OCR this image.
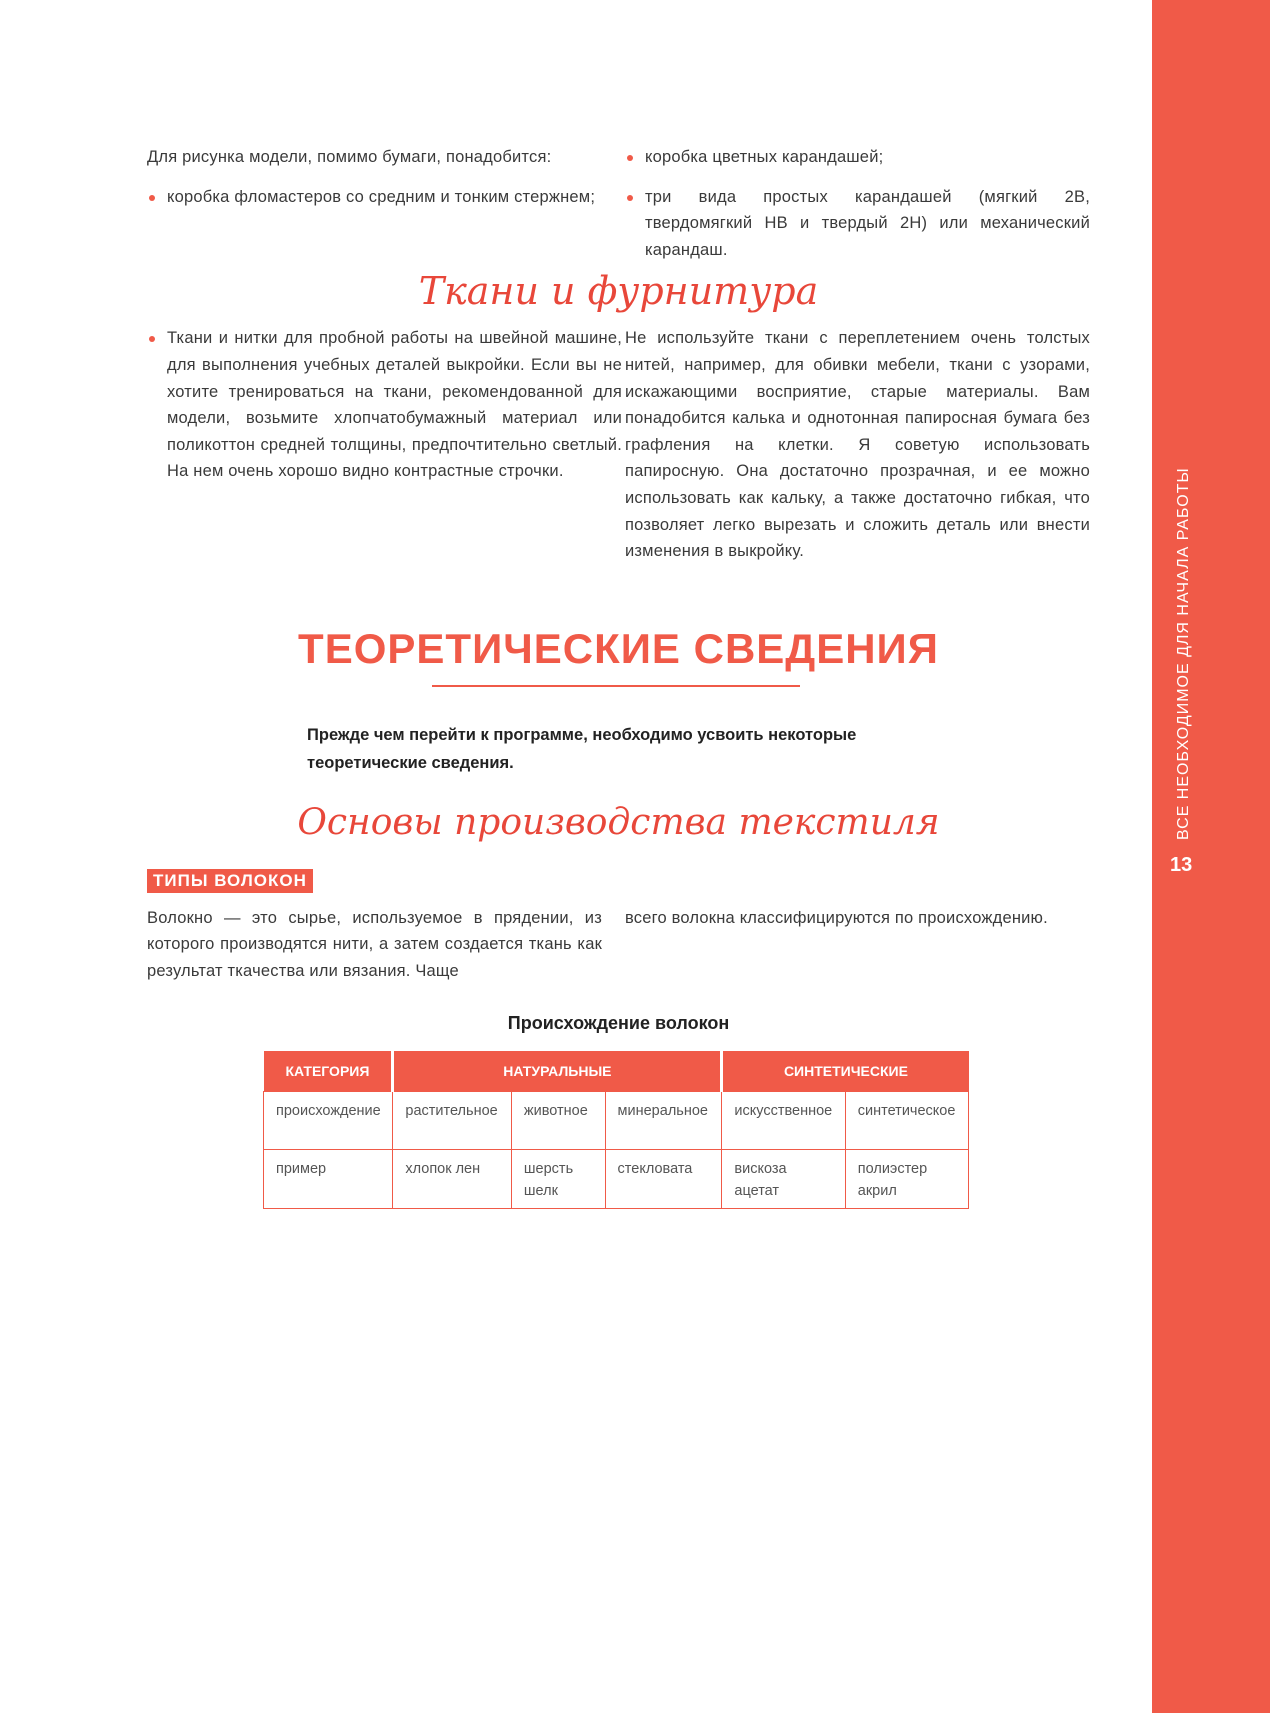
ВСЕ НЕОБХОДИМОЕ ДЛЯ НАЧАЛА РАБОТЫ
13
Для рисунка модели, помимо бумаги, понадобится:
коробка фломастеров со средним и тонким стержнем;
коробка цветных карандашей;
три вида простых карандашей (мягкий 2B, твердомягкий HB и твердый 2H) или механический карандаш.
Ткани и фурнитура
Ткани и нитки для пробной работы на швейной машине, для выполнения учебных деталей выкройки. Если вы не хотите тренироваться на ткани, рекомендованной для модели, возьмите хлопчатобумажный материал или поликоттон средней толщины, предпочтительно светлый. На нем очень хорошо видно контрастные строчки.
Не используйте ткани с переплетением очень толстых нитей, например, для обивки мебели, ткани с узорами, искажающими восприятие, старые материалы. Вам понадобится калька и однотонная папиросная бумага без графления на клетки. Я советую использовать папиросную. Она достаточно прозрачная, и ее можно использовать как кальку, а также достаточно гибкая, что позволяет легко вырезать и сложить деталь или внести изменения в выкройку.
ТЕОРЕТИЧЕСКИЕ СВЕДЕНИЯ
Прежде чем перейти к программе, необходимо усвоить некоторые теоретические сведения.
Основы производства текстиля
ТИПЫ ВОЛОКОН
Волокно — это сырье, используемое в прядении, из которого производятся нити, а затем создается ткань как результат ткачества или вязания. Чаще
всего волокна классифицируются по происхождению.
Происхождение волокон
КАТЕГОРИЯ	НАТУРАЛЬНЫЕ			СИНТЕТИЧЕСКИЕ	
происхождение	растительное	животное	минеральное	искусственное	синтетическое
пример	хлопок лен	шерсть шелк	стекловата	вискоза ацетат	полиэстер акрил
